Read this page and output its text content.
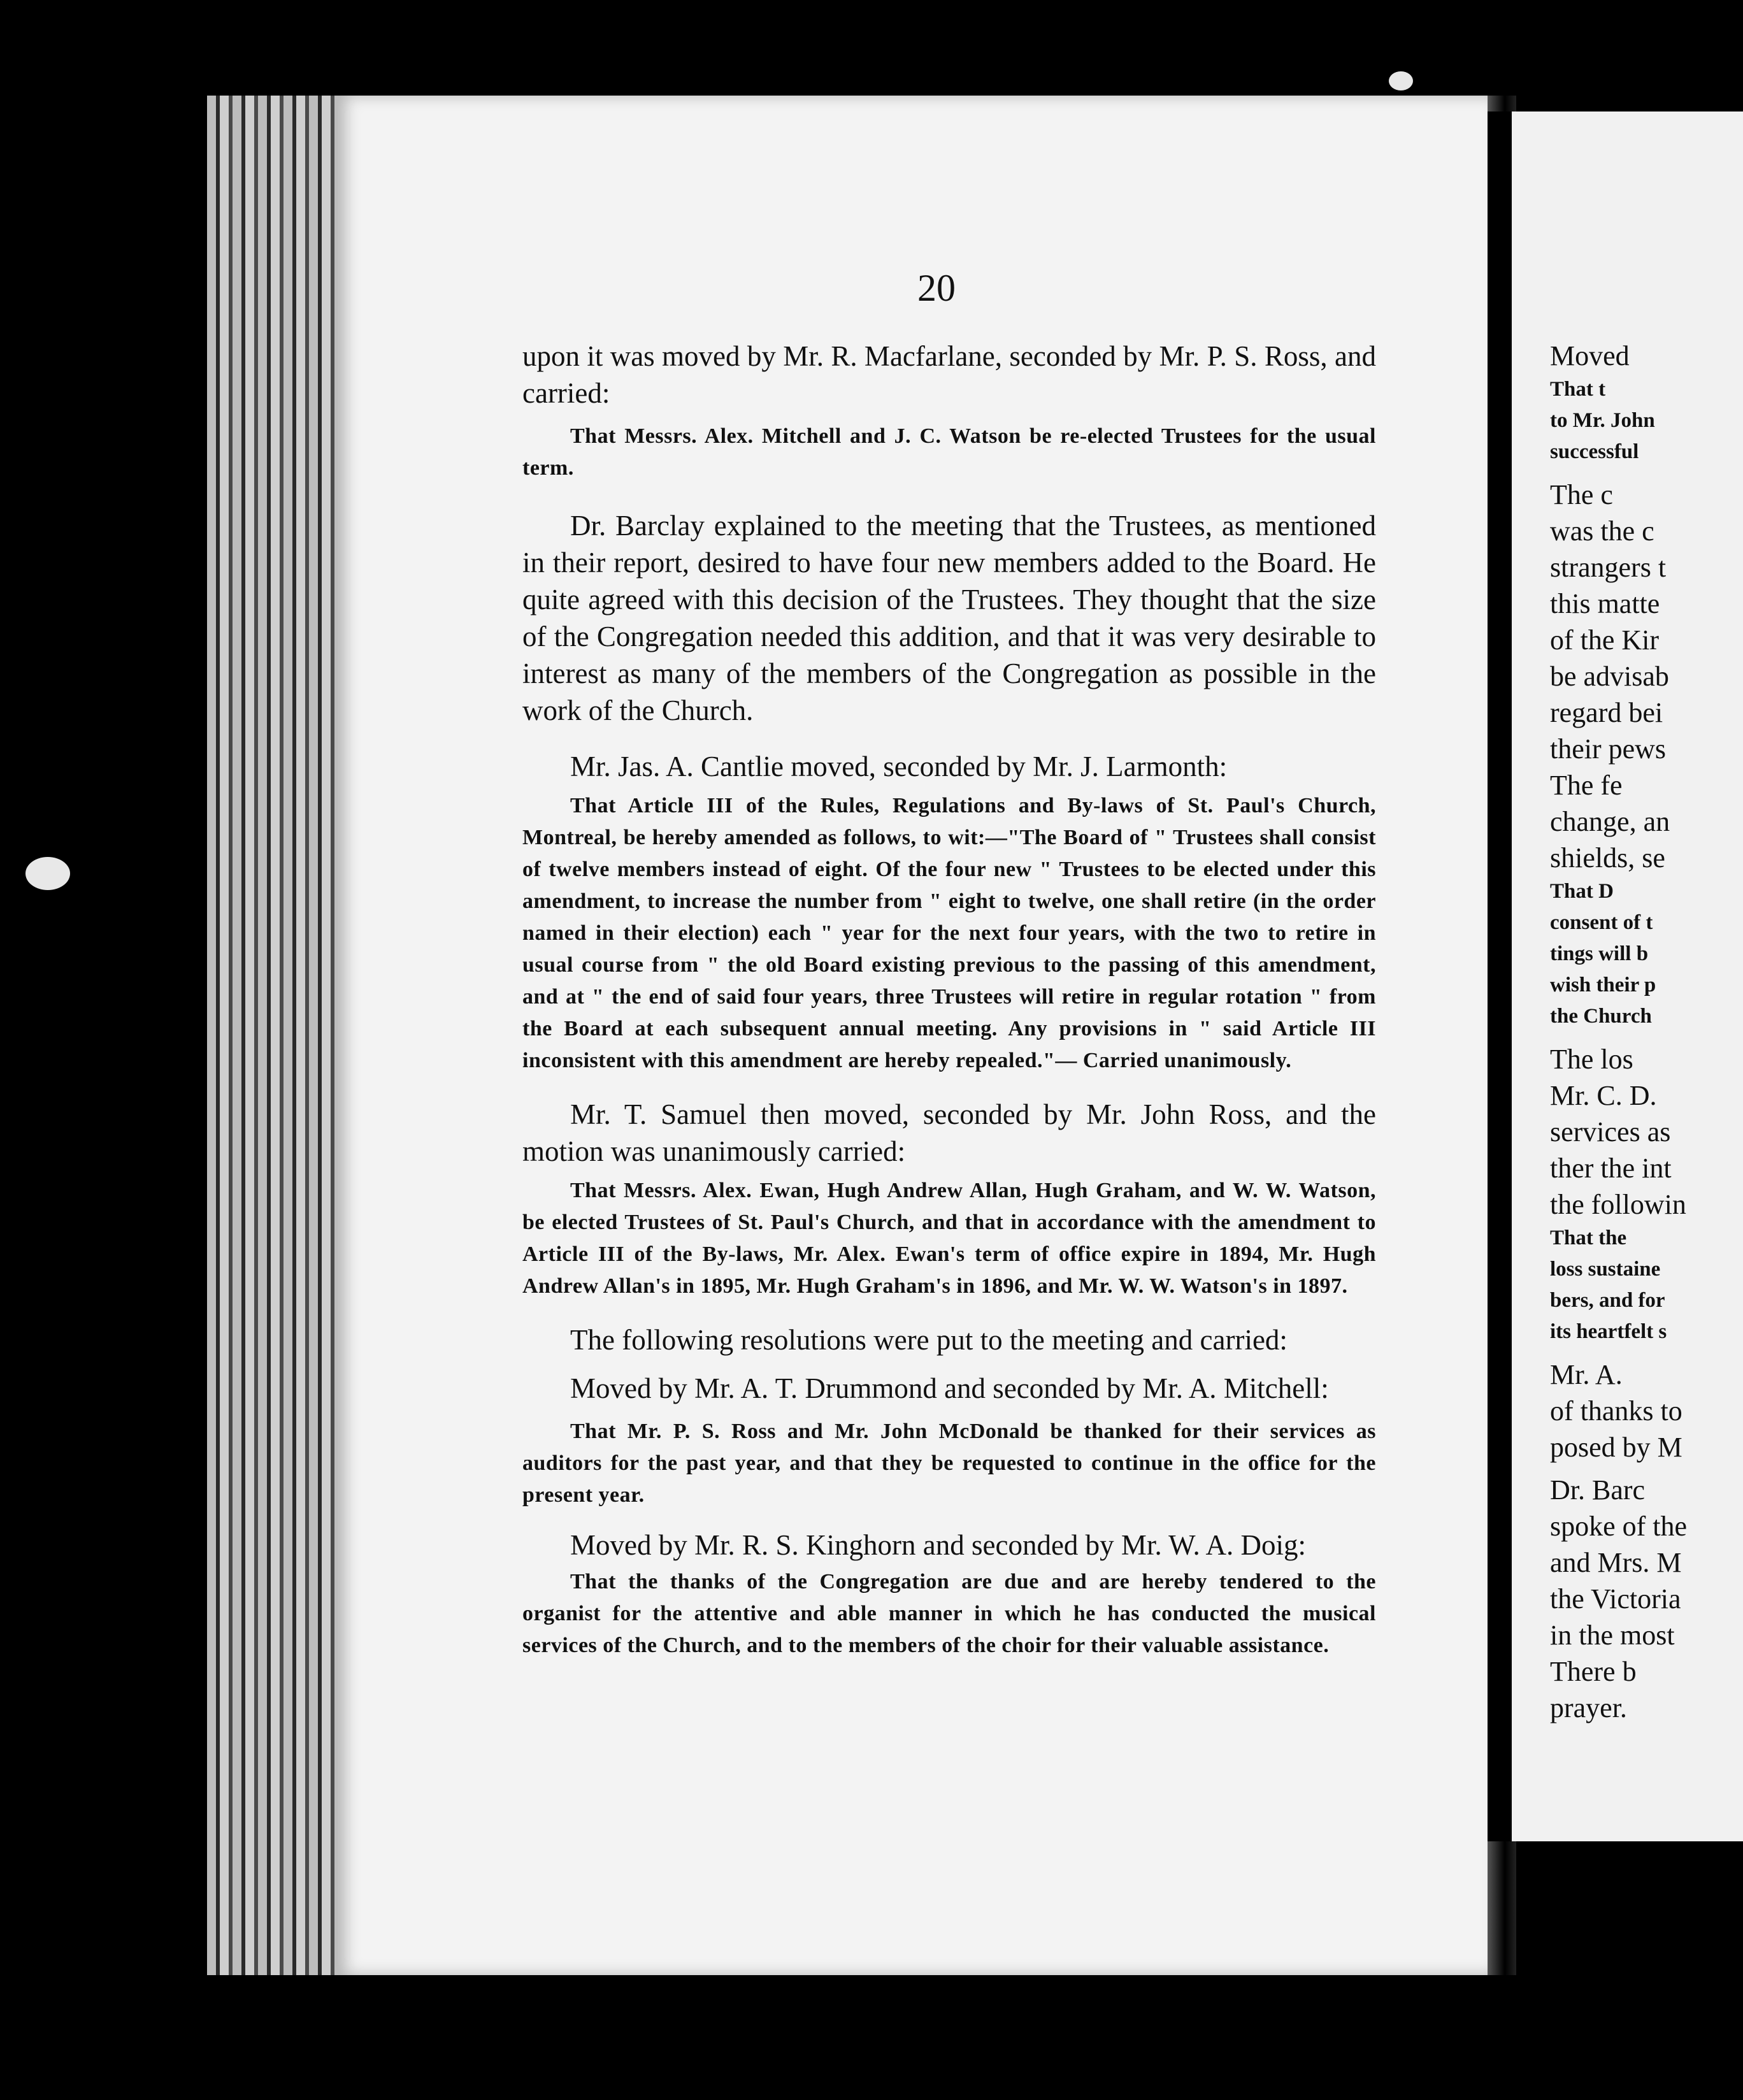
20

upon it was moved by Mr. R. Macfarlane, seconded by Mr. P. S. Ross, and carried:

That Messrs. Alex. Mitchell and J. C. Watson be re-elected Trustees for the usual term.

Dr. Barclay explained to the meeting that the Trustees, as mentioned in their report, desired to have four new members added to the Board. He quite agreed with this decision of the Trustees. They thought that the size of the Congregation needed this addition, and that it was very desirable to interest as many of the members of the Congregation as possible in the work of the Church.

Mr. Jas. A. Cantlie moved, seconded by Mr. J. Larmonth:

That Article III of the Rules, Regulations and By-laws of St. Paul's Church, Montreal, be hereby amended as follows, to wit:—"The Board of " Trustees shall consist of twelve members instead of eight. Of the four new " Trustees to be elected under this amendment, to increase the number from " eight to twelve, one shall retire (in the order named in their election) each " year for the next four years, with the two to retire in usual course from " the old Board existing previous to the passing of this amendment, and at " the end of said four years, three Trustees will retire in regular rotation " from the Board at each subsequent annual meeting. Any provisions in " said Article III inconsistent with this amendment are hereby repealed."— Carried unanimously.

Mr. T. Samuel then moved, seconded by Mr. John Ross, and the motion was unanimously carried:

That Messrs. Alex. Ewan, Hugh Andrew Allan, Hugh Graham, and W. W. Watson, be elected Trustees of St. Paul's Church, and that in accordance with the amendment to Article III of the By-laws, Mr. Alex. Ewan's term of office expire in 1894, Mr. Hugh Andrew Allan's in 1895, Mr. Hugh Graham's in 1896, and Mr. W. W. Watson's in 1897.

The following resolutions were put to the meeting and carried:

Moved by Mr. A. T. Drummond and seconded by Mr. A. Mitchell:

That Mr. P. S. Ross and Mr. John McDonald be thanked for their services as auditors for the past year, and that they be requested to continue in the office for the present year.

Moved by Mr. R. S. Kinghorn and seconded by Mr. W. A. Doig:

That the thanks of the Congregation are due and are hereby tendered to the organist for the attentive and able manner in which he has conducted the musical services of the Church, and to the members of the choir for their valuable assistance.

Moved
That t
to Mr. John
successful
The c
was the c
strangers t
this matte
of the Kir
be advisab
regard bei
their pews
The fe
change, an
shields, se
That D
consent of t
tings will b
wish their p
the Church
The los
Mr. C. D.
services as
ther the int
the followin
That the
loss sustaine
bers, and for
its heartfelt s
Mr. A.
of thanks to
posed by M
Dr. Barc
spoke of the
and Mrs. M
the Victoria
in the most
There b
prayer.
